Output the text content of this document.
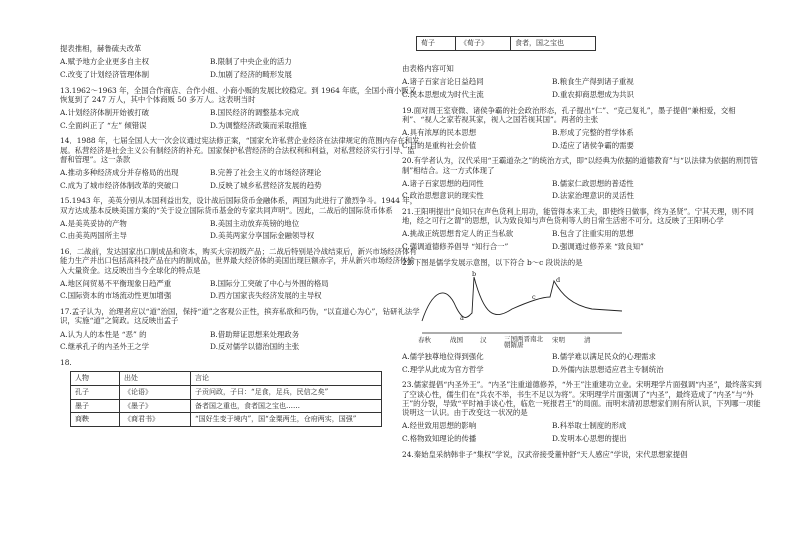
提表推相，赫鲁硫夫改革

A.赋予地方企业更多自主权	B.限制了中央企业的活力
C.改变了计划经济管理体制	D.加剧了经济的畸形发展

13.1962～1963 年，全国合作商店、合作小组、小商小贩的发展比较稳定。到 1964 年底，全国小商小贩又恢复到了 247 万人，其中个体商贩 50 多万人。这表明当时

A.计划经济体制开始被打破	B.国民经济的调整基本完成
C.全面纠正了 “左” 倾错误	D.为调整经济政策而采取措施

14．1988 年，七届全国人大一次会议通过宪法修正案，“国家允许私营企业经济在法律规定的范围内存在和发展。私营经济是社会主义公有制经济的补充。国家保护私营经济的合法权利和利益，对私营经济实行引导、监督和管理”。这一条款

A.推动多种经济成分并存格局的出现	B.完善了社会主义的市场经济理论
C.成为了城市经济体制改革的突破口	D.反映了城乡私营经济发展的趋势

15.1943 年，美英分别从本国利益出发，设计战后国际货币金融体系，两国为此进行了激烈争斗。1944 年，双方达成基本反映美国方案的“关于设立国际货币基金的专家共同声明”。因此，二战后的国际货币体系

A.是美英妥协的产物	B.美国主动放弃英镑的地位
C.由美英两国所主导	D.美英两家分享国际金融领导权

16．二战前，发达国家出口制成品和资本，购买大宗初级产品；二战后特别是冷战结束后，新兴市场经济体有能力生产并出口包括高科技产品在内的制成品，世界最大经济体的美国出现巨额赤字，并从新兴市场经济体输入大量资金。这反映出当今全球化的特点是

A.地区间贸易不平衡现象日趋严重	B.国际分工突破了中心与外围的格局
C.国际资本的市场流动性更加增强	D.西方国家丧失经济发展的主导权

17.孟子认为，治理者应以“道”治国，保持“道”之客观公正性，摈弃私欲和巧伪，“以直道心为心”，钻研礼法学识，实施“道”之简政。这反映出孟子

A.认为人的本性是 “恶” 的	B.借助辩证思想来处理政务
C.继承孔子的内圣外王之学	D.反对儒学以德治国的主张

18.

人物	出处	言论
孔子	《论语》	子贡问政，子曰：“足食，足兵，民信之矣”
墨子	《墨子》	备者国之重也，食者国之宝也……
商鞅	《商君书》	“国好生变于境内”，国“金粟两生，仓府两实，国强”
荀子	《荀子》	食者，国之宝也

由表格内容可知

A.诸子百家言论日益趋同	B.粮食生产得到诸子重视
C.民本思想成为时代主流	D.重农抑商思想成为共识

19.面对周王室衰微、诸侯争霸的社会政治形态，孔子提出“仁”、“克己复礼”，墨子提倡“兼相爱，交相利”、“视人之家若视其家，视人之国若视其国”。两者的主张

A.具有浓厚的民本思想	B.形成了完整的哲学体系
C.目的是重构社会价值	D.适应了诸侯争霸的需要

20.有学者认为，汉代采用“王霸道杂之”的统治方式，即“以经典为依据的道德教育”与“以法律为依据的刑罚管制”相结合。这一方式体现了

A.诸子百家思想的趋同性	B.儒家仁政思想的普适性
C.政治思想意识的现实性	D.法家治理意识的灵活性

21.王阳明提出“良知只在声色货利上用功，能管得本来工夫，即使终日做事，终为圣贤”。宁其天理，则不同地，经之可行之谓“的思想，认为致良知与声色货利等人的日常生活密不可分。这反映了王阳明心学

A.挑战正统思想肯定人的正当私欲	B.包含了注重实用的思想
C.强调道德修养倡导 “知行合一”	D.强调通过修养来 “致良知”

22.下图是儒学发展示意图，以下符合 b～c 段说法的是

a
b
c
d
春秋	战国	汉	三国两晋南北朝隋唐
宋明	清
A.儒学独尊地位得到强化	B.儒学难以满足民众的心理需求
C.理学从此成为官方哲学	D.外儒内法思想适应君主专制统治

23.儒家提倡“内圣外王”。“内圣”注重道德修养，“外王”注重建功立业。宋明理学片面强调“内圣”，最终落实到了空谈心性，儒生们在“兵农不举，书生不足以为将”。宋明理学片面强调了“内圣”，最终造成了“内圣”与“外王”的分裂，导致“平时袖手谈心性，临危一死报君王”的局面。而明末清初思想家们则有所认识，下列哪一项能说明这一认识。由于改变这一状况的是

A.经世致用思想的影响	B.科举取士制度的形成
C.格物致知理论的传播	D.发明本心思想的提出

24.秦始皇采纳韩非子“集权”学说，汉武帝接受董仲舒“天人感应”学说，宋代思想家提倡
